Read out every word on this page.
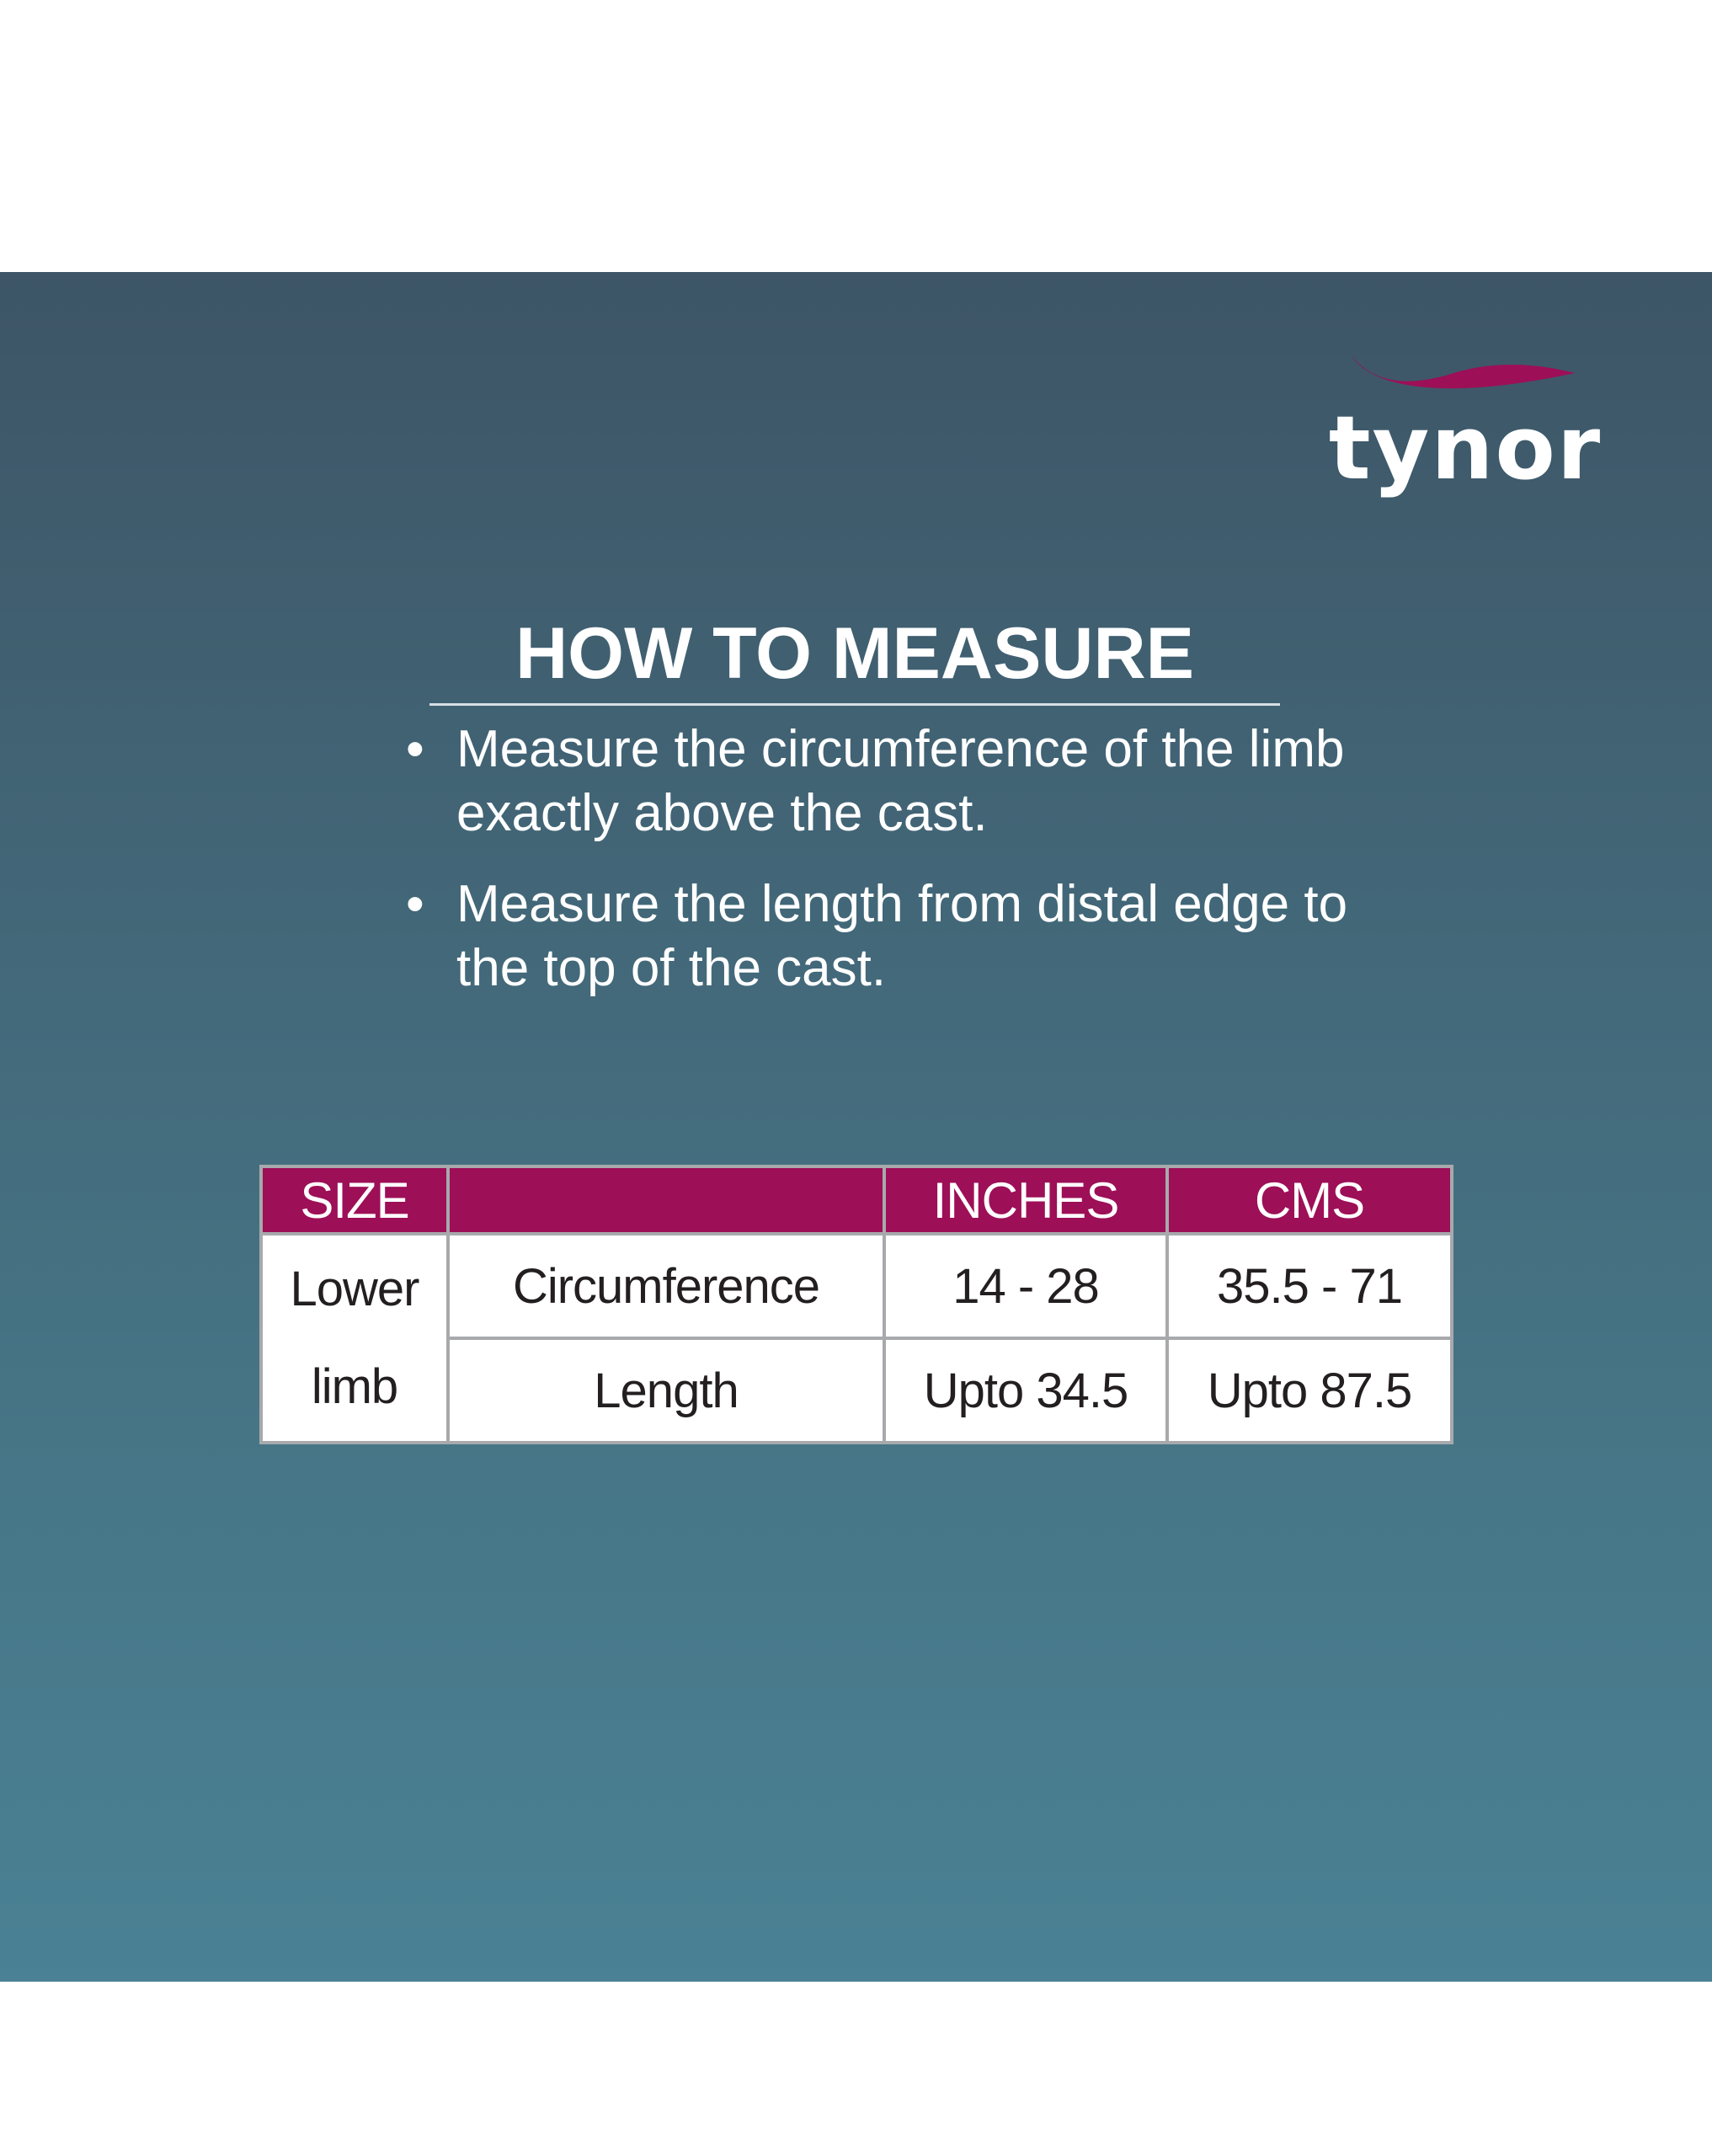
tynor
HOW TO MEASURE
• Measure the circumference of the limb exactly above the cast.
• Measure the length from distal edge to the top of the cast.
SIZE		INCHES	CMS
Lower
limb	Circumference	14 - 28	35.5 - 71
	Length	Upto 34.5	Upto 87.5
